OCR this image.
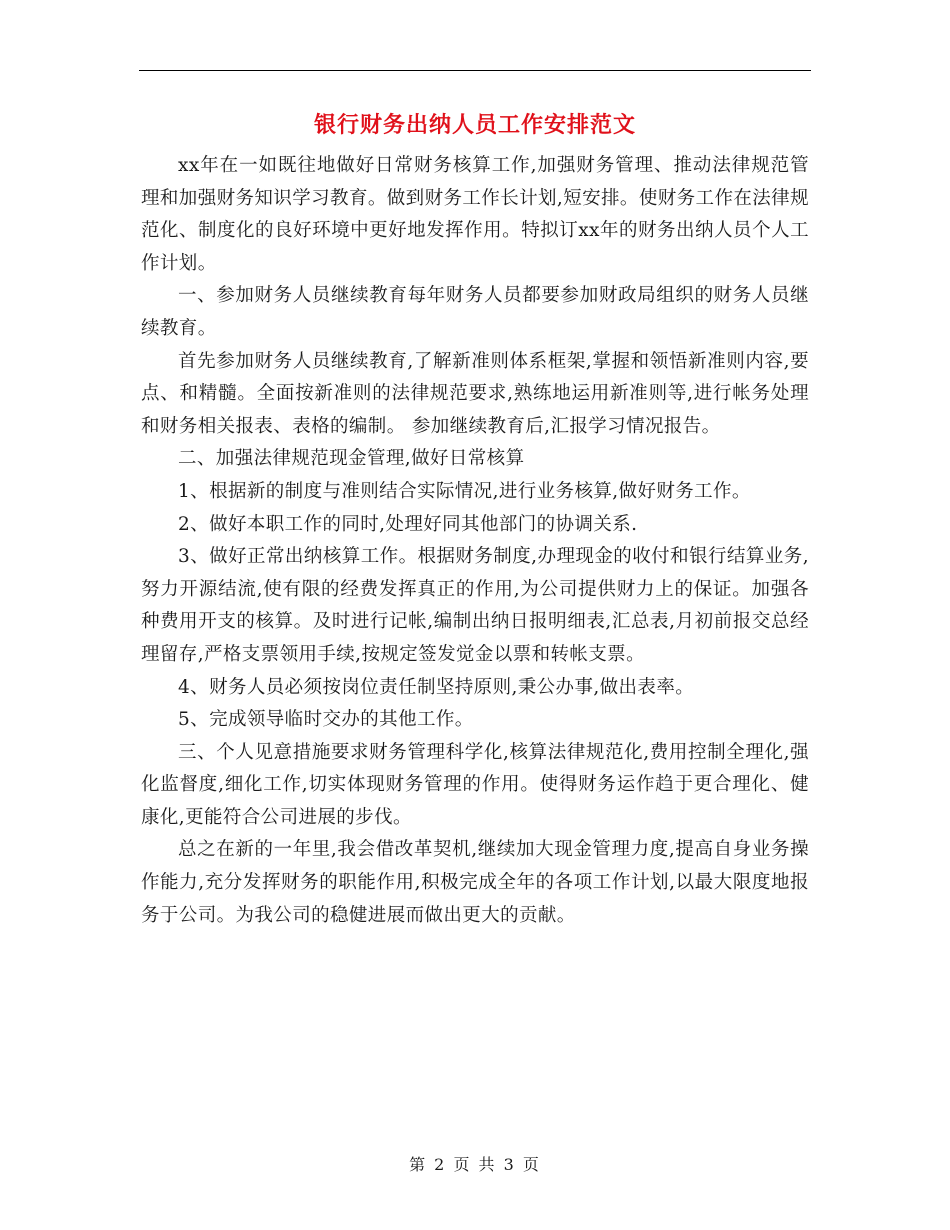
银行财务出纳人员工作安排范文

xx年在一如既往地做好日常财务核算工作,加强财务管理、推动法律规范管理和加强财务知识学习教育。做到财务工作长计划,短安排。使财务工作在法律规范化、制度化的良好环境中更好地发挥作用。特拟订xx年的财务出纳人员个人工作计划。

一、参加财务人员继续教育每年财务人员都要参加财政局组织的财务人员继续教育。

首先参加财务人员继续教育,了解新准则体系框架,掌握和领悟新准则内容,要点、和精髓。全面按新准则的法律规范要求,熟练地运用新准则等,进行帐务处理和财务相关报表、表格的编制。 参加继续教育后,汇报学习情况报告。

二、加强法律规范现金管理,做好日常核算

1、根据新的制度与准则结合实际情况,进行业务核算,做好财务工作。

2、做好本职工作的同时,处理好同其他部门的协调关系.

3、做好正常出纳核算工作。根据财务制度,办理现金的收付和银行结算业务,努力开源结流,使有限的经费发挥真正的作用,为公司提供财力上的保证。加强各种费用开支的核算。及时进行记帐,编制出纳日报明细表,汇总表,月初前报交总经理留存,严格支票领用手续,按规定签发觉金以票和转帐支票。

4、财务人员必须按岗位责任制坚持原则,秉公办事,做出表率。

5、完成领导临时交办的其他工作。

三、个人见意措施要求财务管理科学化,核算法律规范化,费用控制全理化,强化监督度,细化工作,切实体现财务管理的作用。使得财务运作趋于更合理化、健康化,更能符合公司进展的步伐。

总之在新的一年里,我会借改革契机,继续加大现金管理力度,提高自身业务操作能力,充分发挥财务的职能作用,积极完成全年的各项工作计划,以最大限度地报务于公司。为我公司的稳健进展而做出更大的贡献。

第 2 页 共 3 页
